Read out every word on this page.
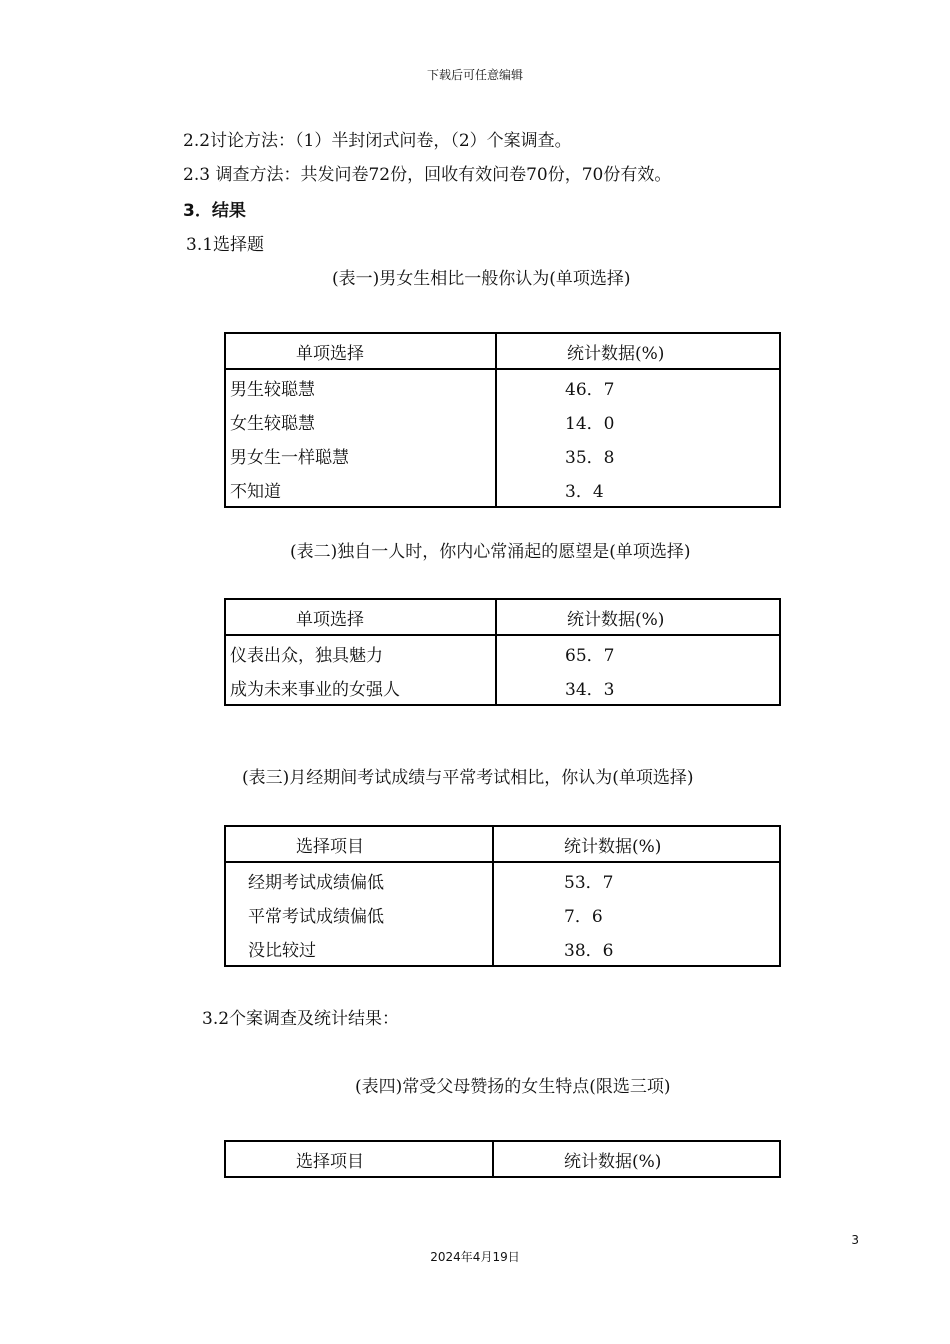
下载后可任意编辑
2.2讨论方法：（1）半封闭式问卷，（2）个案调查。
2.3 调查方法：共发问卷72份，回收有效问卷70份，70份有效。
3．结果
3.1选择题
(表一)男女生相比一般你认为(单项选择)
单项选择	统计数据(%)
男生较聪慧	46．7
女生较聪慧	14．0
男女生一样聪慧	35．8
不知道	3．4
(表二)独自一人时，你内心常涌起的愿望是(单项选择)
单项选择	统计数据(%)
仪表出众，独具魅力	65．7
成为未来事业的女强人	34．3
(表三)月经期间考试成绩与平常考试相比，你认为(单项选择)
选择项目	统计数据(%)
经期考试成绩偏低	53．7
平常考试成绩偏低	7．6
没比较过	38．6
3.2个案调查及统计结果：
(表四)常受父母赞扬的女生特点(限选三项)
选择项目	统计数据(%)
3
2024年4月19日
